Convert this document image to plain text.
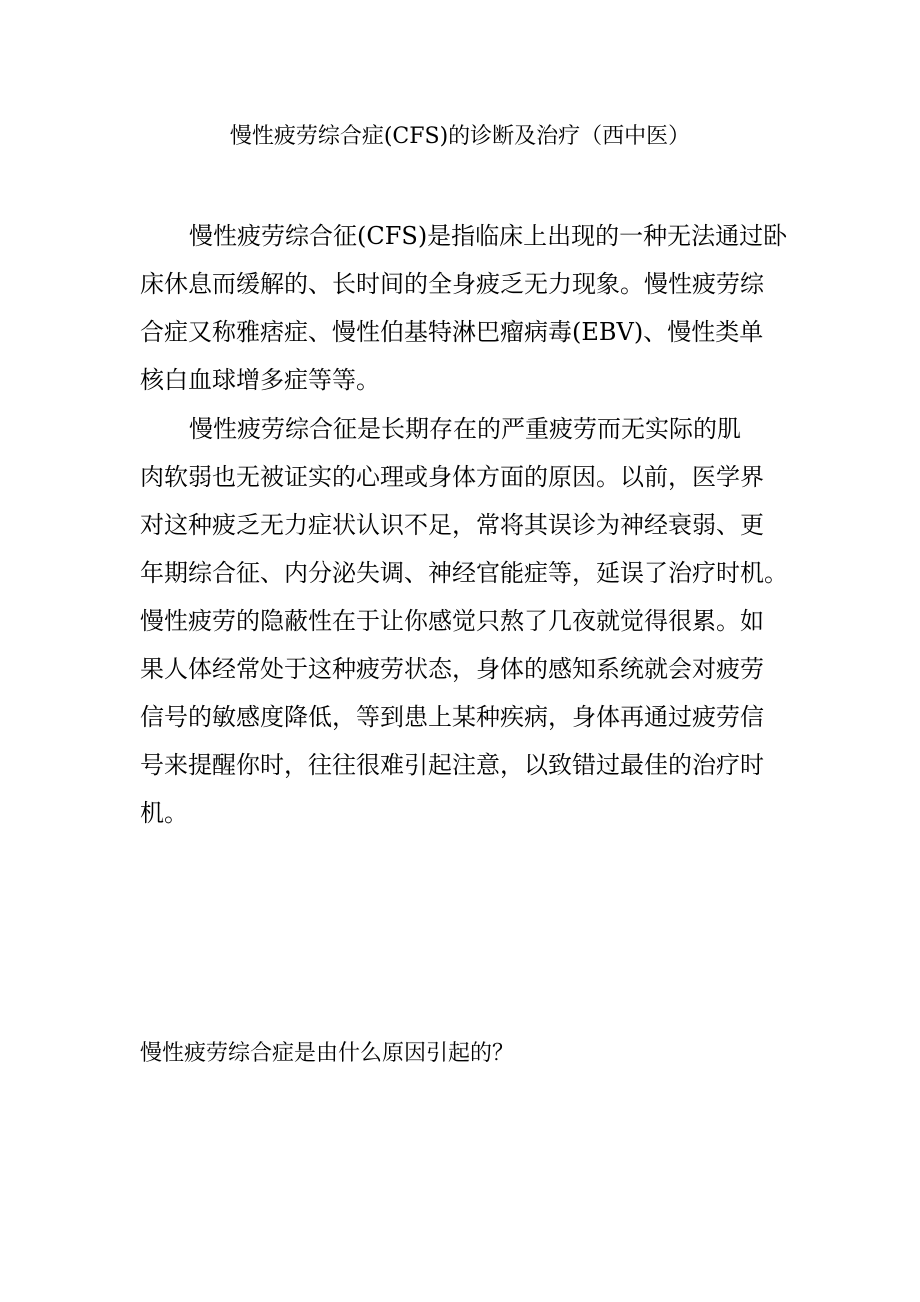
慢性疲劳综合症(CFS)的诊断及治疗（西中医）
慢性疲劳综合征(CFS)是指临床上出现的一种无法通过卧
床休息而缓解的、长时间的全身疲乏无力现象。慢性疲劳综
合症又称雅痞症、慢性伯基特淋巴瘤病毒(EBV)、慢性类单
核白血球增多症等等。
慢性疲劳综合征是长期存在的严重疲劳而无实际的肌
肉软弱也无被证实的心理或身体方面的原因。以前，医学界
对这种疲乏无力症状认识不足，常将其误诊为神经衰弱、更
年期综合征、内分泌失调、神经官能症等，延误了治疗时机。
慢性疲劳的隐蔽性在于让你感觉只熬了几夜就觉得很累。如
果人体经常处于这种疲劳状态，身体的感知系统就会对疲劳
信号的敏感度降低，等到患上某种疾病，身体再通过疲劳信
号来提醒你时，往往很难引起注意，以致错过最佳的治疗时
机。
慢性疲劳综合症是由什么原因引起的？
